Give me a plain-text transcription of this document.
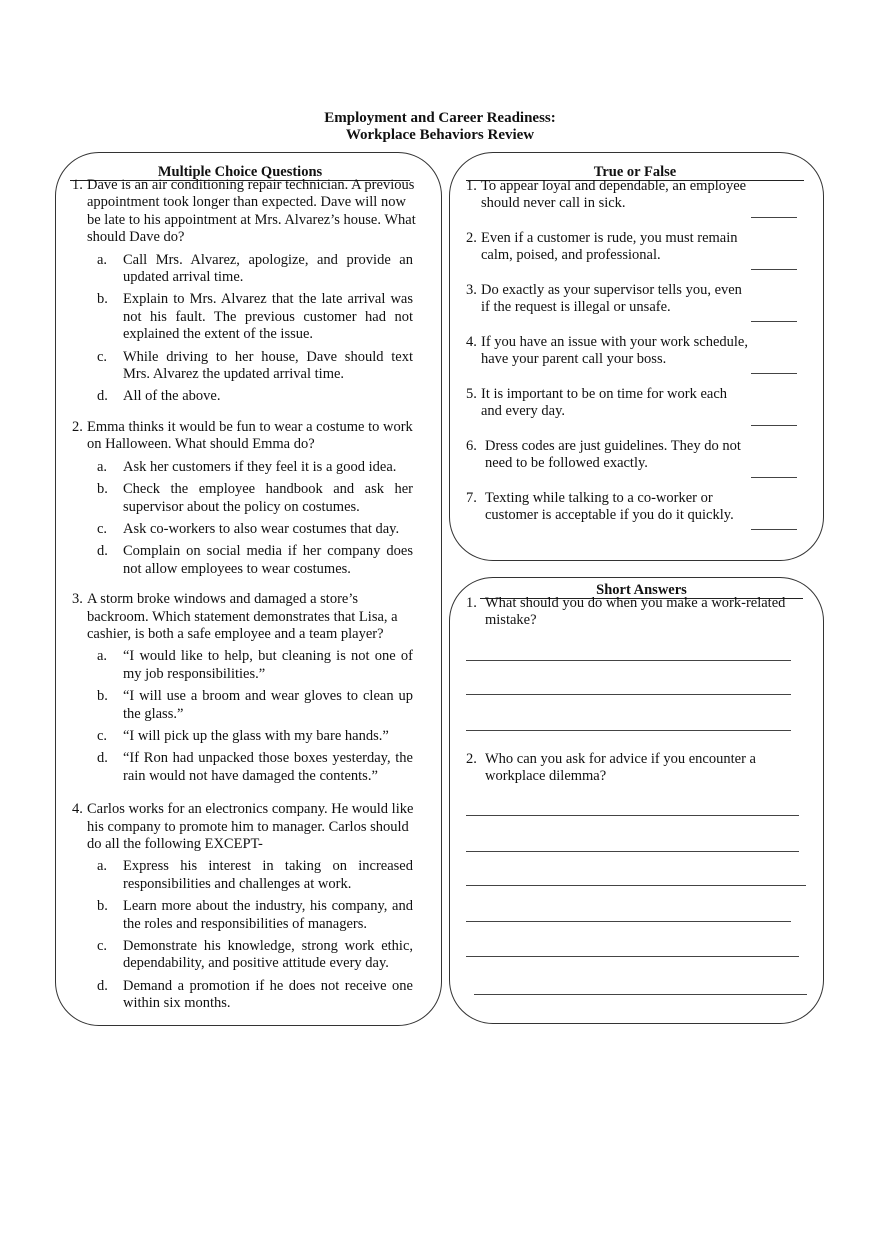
Employment and Career Readiness:
Workplace Behaviors Review
Multiple Choice Questions	True or False
Short Answers
1. Dave is an air conditioning repair technician. A previous appointment took longer than expected. Dave will now be late to his appointment at Mrs. Alvarez’s house. What should Dave do?
a. Call Mrs. Alvarez, apologize, and provide an updated arrival time.
b. Explain to Mrs. Alvarez that the late arrival was not his fault. The previous customer had not explained the extent of the issue.
c. While driving to her house, Dave should text Mrs. Alvarez the updated arrival time.
d. All of the above.
2. Emma thinks it would be fun to wear a costume to work on Halloween. What should Emma do?
a. Ask her customers if they feel it is a good idea.
b. Check the employee handbook and ask her supervisor about the policy on costumes.
c. Ask co-workers to also wear costumes that day.
d. Complain on social media if her company does not allow employees to wear costumes.
3. A storm broke windows and damaged a store’s backroom. Which statement demonstrates that Lisa, a cashier, is both a safe employee and a team player?
a. “I would like to help, but cleaning is not one of my job responsibilities.”
b. “I will use a broom and wear gloves to clean up the glass.”
c. “I will pick up the glass with my bare hands.”
d. “If Ron had unpacked those boxes yesterday, the rain would not have damaged the contents.”
4. Carlos works for an electronics company. He would like his company to promote him to manager. Carlos should do all the following EXCEPT-
a. Express his interest in taking on increased responsibilities and challenges at work.
b. Learn more about the industry, his company, and the roles and responsibilities of managers.
c. Demonstrate his knowledge, strong work ethic, dependability, and positive attitude every day.
d. Demand a promotion if he does not receive one within six months.
1. To appear loyal and dependable, an employee should never call in sick.
2. Even if a customer is rude, you must remain calm, poised, and professional.
3. Do exactly as your supervisor tells you, even if the request is illegal or unsafe.
4. If you have an issue with your work schedule, have your parent call your boss.
5. It is important to be on time for work each and every day.
6. Dress codes are just guidelines. They do not need to be followed exactly.
7. Texting while talking to a co-worker or customer is acceptable if you do it quickly.
1. What should you do when you make a work-related mistake?
2. Who can you ask for advice if you encounter a workplace dilemma?
